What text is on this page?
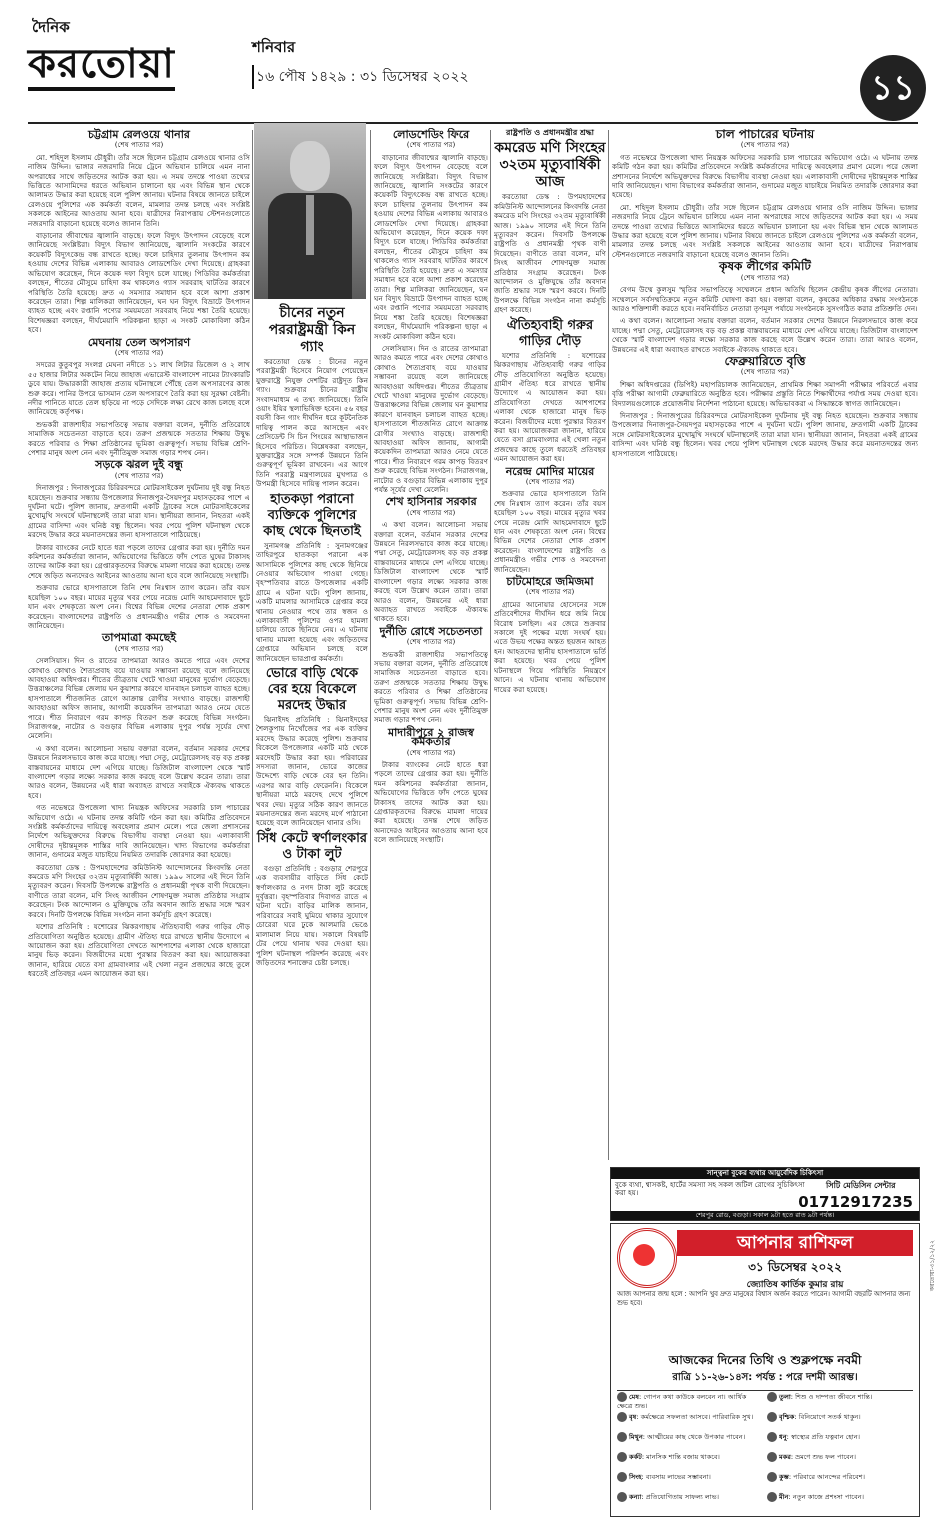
দৈনিক
করতোয়া	শনিবার
১৬ পৌষ ১৪২৯ : ৩১ ডিসেম্বর ২০২২	১১
চট্টগ্রাম রেলওয়ে থানার
(শেষ পাতার পর)

মো. শহিদুল ইসলাম চৌধুরী। তাঁর সঙ্গে ছিলেন চট্টগ্রাম রেলওয়ে থানার ওসি নাজিম উদ্দিন। ভাঙ্গার নজরদারি নিয়ে ট্রেনে অভিযান চালিয়ে এমন নানা অপরাধের সাথে জড়িতদের আটক করা হয়। এ সময় তদন্তে পাওয়া তথ্যের ভিত্তিতে আসামিদের ধরতে অভিযান চালানো হয় এবং বিভিন্ন স্থান থেকে আলামত উদ্ধার করা হয়েছে বলে পুলিশ জানায়। ঘটনার বিষয়ে জানতে চাইলে রেলওয়ে পুলিশের এক কর্মকর্তা বলেন, মামলার তদন্ত চলছে এবং সংশ্লিষ্ট সকলকে আইনের আওতায় আনা হবে। যাত্রীদের নিরাপত্তায় স্টেশনগুলোতে নজরদারি বাড়ানো হয়েছে বলেও জানান তিনি।

বাড়ানোর জীবাশ্মের জ্বালানি বাড়ছে। ফলে বিদ্যুৎ উৎপাদন বেড়েছে বলে জানিয়েছে সংশ্লিষ্টরা। বিদ্যুৎ বিভাগ জানিয়েছে, জ্বালানি সংকটের কারণে কয়েকটি বিদ্যুৎকেন্দ্র বন্ধ রাখতে হচ্ছে। ফলে চাহিদার তুলনায় উৎপাদন কম হওয়ায় দেশের বিভিন্ন এলাকায় আবারও লোডশেডিং দেখা দিয়েছে। গ্রাহকরা অভিযোগ করেছেন, দিনে কয়েক দফা বিদ্যুৎ চলে যাচ্ছে। পিডিবির কর্মকর্তারা বলছেন, শীতের মৌসুমে চাহিদা কম থাকলেও গ্যাস সরবরাহ ঘাটতির কারণে পরিস্থিতি তৈরি হয়েছে। দ্রুত এ সমস্যার সমাধান হবে বলে আশা প্রকাশ করেছেন তারা। শিল্প মালিকরা জানিয়েছেন, ঘন ঘন বিদ্যুৎ বিভ্রাটে উৎপাদন ব্যাহত হচ্ছে এবং রপ্তানি পণ্যের সময়মতো সরবরাহ নিয়ে শঙ্কা তৈরি হয়েছে। বিশেষজ্ঞরা বলছেন, দীর্ঘমেয়াদি পরিকল্পনা ছাড়া এ সংকট মোকাবিলা কঠিন হবে।

মেঘনায় তেল অপসারণ
(শেষ পাতার পর)

সদরের কুতুবপুর সংলগ্ন মেঘনা নদীতে ১১ লাখ লিটার ডিজেল ও ২ লাখ ৫৫ হাজার লিটার অকটেন নিয়ে জাহাজ এভারেস্ট বাংলাদেশ নামের ট্যাংকারটি ডুবে যায়। উদ্ধারকারী জাহাজ প্রত্যয় ঘটনাস্থলে পৌঁছে তেল অপসারণের কাজ শুরু করে। পানির উপরে ভাসমান তেল অপসারণে তৈরি করা হয় সুরক্ষা বেষ্টনী। নদীর পানিতে যাতে তেল ছড়িয়ে না পড়ে সেদিকে লক্ষ্য রেখে কাজ চলছে বলে জানিয়েছে কর্তৃপক্ষ।

শুভকরী রাজশাহীর সভাপতিত্বে সভায় বক্তারা বলেন, দুর্নীতি প্রতিরোধে সামাজিক সচেতনতা বাড়াতে হবে। তরুণ প্রজন্মকে সততার শিক্ষায় উদ্বুদ্ধ করতে পরিবার ও শিক্ষা প্রতিষ্ঠানের ভূমিকা গুরুত্বপূর্ণ। সভায় বিভিন্ন শ্রেণি-পেশার মানুষ অংশ নেন এবং দুর্নীতিমুক্ত সমাজ গড়ার শপথ নেন।

সড়কে ঝরল দুই বন্ধু
(শেষ পাতার পর)

দিনাজপুর : দিনাজপুরের চিরিরবন্দরে মোটরসাইকেল দুর্ঘটনায় দুই বন্ধু নিহত হয়েছেন। শুক্রবার সন্ধ্যায় উপজেলার দিনাজপুর-সৈয়দপুর মহাসড়কের পাশে এ দুর্ঘটনা ঘটে। পুলিশ জানায়, দ্রুতগামী একটি ট্রাকের সঙ্গে মোটরসাইকেলের মুখোমুখি সংঘর্ষে ঘটনাস্থলেই তারা মারা যান। স্থানীয়রা জানান, নিহতরা একই গ্রামের বাসিন্দা এবং ঘনিষ্ঠ বন্ধু ছিলেন। খবর পেয়ে পুলিশ ঘটনাস্থল থেকে মরদেহ উদ্ধার করে ময়নাতদন্তের জন্য হাসপাতালে পাঠিয়েছে।

টাকার ব্যাংকের নেটে হাতে ধরা পড়লে তাদের গ্রেপ্তার করা হয়। দুর্নীতি দমন কমিশনের কর্মকর্তারা জানান, অভিযোগের ভিত্তিতে ফাঁদ পেতে ঘুষের টাকাসহ তাদের আটক করা হয়। গ্রেপ্তারকৃতদের বিরুদ্ধে মামলা দায়ের করা হয়েছে। তদন্ত শেষে জড়িত অন্যদেরও আইনের আওতায় আনা হবে বলে জানিয়েছে সংস্থাটি।

শুক্রবার ভোরে হাসপাতালে তিনি শেষ নিঃশ্বাস ত্যাগ করেন। তাঁর বয়স হয়েছিল ১০০ বছর। মায়ের মৃত্যুর খবর পেয়ে নরেন্দ্র মোদি আহমেদাবাদে ছুটে যান এবং শেষকৃত্যে অংশ নেন। বিশ্বের বিভিন্ন দেশের নেতারা শোক প্রকাশ করেছেন। বাংলাদেশের রাষ্ট্রপতি ও প্রধানমন্ত্রীও গভীর শোক ও সমবেদনা জানিয়েছেন।

তাপমাত্রা কমছেই
(শেষ পাতার পর)

সেলসিয়াস। দিন ও রাতের তাপমাত্রা আরও কমতে পারে এবং দেশের কোথাও কোথাও শৈত্যপ্রবাহ বয়ে যাওয়ার সম্ভাবনা রয়েছে বলে জানিয়েছে আবহাওয়া অধিদপ্তর। শীতের তীব্রতায় খেটে খাওয়া মানুষের দুর্ভোগ বেড়েছে। উত্তরাঞ্চলের বিভিন্ন জেলায় ঘন কুয়াশার কারণে যানবাহন চলাচল ব্যাহত হচ্ছে। হাসপাতালে শীতজনিত রোগে আক্রান্ত রোগীর সংখ্যাও বাড়ছে। রাজশাহী আবহাওয়া অফিস জানায়, আগামী কয়েকদিন তাপমাত্রা আরও নেমে যেতে পারে। শীত নিবারণে গরম কাপড় বিতরণ শুরু করেছে বিভিন্ন সংগঠন। সিরাজগঞ্জ, নাটোর ও বগুড়ার বিভিন্ন এলাকায় দুপুর পর্যন্ত সূর্যের দেখা মেলেনি।

এ কথা বলেন। আলোচনা সভায় বক্তারা বলেন, বর্তমান সরকার দেশের উন্নয়নে নিরলসভাবে কাজ করে যাচ্ছে। পদ্মা সেতু, মেট্রোরেলসহ বড় বড় প্রকল্প বাস্তবায়নের মাধ্যমে দেশ এগিয়ে যাচ্ছে। ডিজিটাল বাংলাদেশ থেকে স্মার্ট বাংলাদেশ গড়ার লক্ষ্যে সরকার কাজ করছে বলে উল্লেখ করেন তারা। তারা আরও বলেন, উন্নয়নের এই ধারা অব্যাহত রাখতে সবাইকে ঐক্যবদ্ধ থাকতে হবে।

গত নভেম্বরে উপজেলা খাদ্য নিয়ন্ত্রক অফিসের সরকারি চাল পাচারের অভিযোগ ওঠে। এ ঘটনায় তদন্ত কমিটি গঠন করা হয়। কমিটির প্রতিবেদনে সংশ্লিষ্ট কর্মকর্তাদের দায়িত্বে অবহেলার প্রমাণ মেলে। পরে জেলা প্রশাসনের নির্দেশে অভিযুক্তদের বিরুদ্ধে বিভাগীয় ব্যবস্থা নেওয়া হয়। এলাকাবাসী দোষীদের দৃষ্টান্তমূলক শাস্তির দাবি জানিয়েছেন। খাদ্য বিভাগের কর্মকর্তারা জানান, গুদামের মজুত যাচাইয়ে নিয়মিত তদারকি জোরদার করা হয়েছে।

করতোয়া ডেস্ক : উপমহাদেশের কমিউনিস্ট আন্দোলনের কিংবদন্তি নেতা কমরেড মণি সিংহের ৩২তম মৃত্যুবার্ষিকী আজ। ১৯৯০ সালের এই দিনে তিনি মৃত্যুবরণ করেন। দিবসটি উপলক্ষে রাষ্ট্রপতি ও প্রধানমন্ত্রী পৃথক বাণী দিয়েছেন। বাণীতে তারা বলেন, মণি সিংহ আজীবন শোষণমুক্ত সমাজ প্রতিষ্ঠার সংগ্রাম করেছেন। টংক আন্দোলন ও মুক্তিযুদ্ধে তাঁর অবদান জাতি শ্রদ্ধার সঙ্গে স্মরণ করবে। দিনটি উপলক্ষে বিভিন্ন সংগঠন নানা কর্মসূচি গ্রহণ করেছে।

যশোর প্রতিনিধি : যশোরের ঝিকরগাছায় ঐতিহ্যবাহী গরুর গাড়ির দৌড় প্রতিযোগিতা অনুষ্ঠিত হয়েছে। গ্রামীণ ঐতিহ্য ধরে রাখতে স্থানীয় উদ্যোগে এ আয়োজন করা হয়। প্রতিযোগিতা দেখতে আশপাশের এলাকা থেকে হাজারো মানুষ ভিড় করেন। বিজয়ীদের মধ্যে পুরস্কার বিতরণ করা হয়। আয়োজকরা জানান, হারিয়ে যেতে বসা গ্রামবাংলার এই খেলা নতুন প্রজন্মের কাছে তুলে ধরতেই প্রতিবছর এমন আয়োজন করা হয়।

চীনের নতুন পররাষ্ট্রমন্ত্রী কিন গ্যাং

করতোয়া ডেস্ক : চীনের নতুন পররাষ্ট্রমন্ত্রী হিসেবে নিয়োগ পেয়েছেন যুক্তরাষ্ট্রে নিযুক্ত দেশটির রাষ্ট্রদূত কিন গ্যাং। শুক্রবার চীনের রাষ্ট্রীয় সংবাদমাধ্যম এ তথ্য জানিয়েছে। তিনি ওয়াং ইয়ির স্থলাভিষিক্ত হবেন। ৫৬ বছর বয়সী কিন গ্যাং দীর্ঘদিন ধরে কূটনৈতিক দায়িত্ব পালন করে আসছেন এবং প্রেসিডেন্ট সি চিন পিংয়ের আস্থাভাজন হিসেবে পরিচিত। বিশ্লেষকরা বলছেন, যুক্তরাষ্ট্রের সঙ্গে সম্পর্ক উন্নয়নে তিনি গুরুত্বপূর্ণ ভূমিকা রাখবেন। এর আগে তিনি পররাষ্ট্র মন্ত্রণালয়ের মুখপাত্র ও উপমন্ত্রী হিসেবে দায়িত্ব পালন করেন।

হাতকড়া পরানো ব্যক্তিকে পুলিশের কাছ থেকে ছিনতাই

সুনামগঞ্জ প্রতিনিধি : সুনামগঞ্জের তাহিরপুরে হাতকড়া পরানো এক আসামিকে পুলিশের কাছ থেকে ছিনিয়ে নেওয়ার অভিযোগ পাওয়া গেছে। বৃহস্পতিবার রাতে উপজেলার একটি গ্রামে এ ঘটনা ঘটে। পুলিশ জানায়, একটি মামলার আসামিকে গ্রেপ্তার করে থানায় নেওয়ার পথে তার স্বজন ও এলাকাবাসী পুলিশের ওপর হামলা চালিয়ে তাকে ছিনিয়ে নেয়। এ ঘটনায় থানায় মামলা হয়েছে এবং জড়িতদের গ্রেপ্তারে অভিযান চলছে বলে জানিয়েছেন ভারপ্রাপ্ত কর্মকর্তা।

ভোরে বাড়ি থেকে বের হয়ে বিকেলে মরদেহ উদ্ধার

ঝিনাইদহ প্রতিনিধি : ঝিনাইদহের শৈলকুপায় নিখোঁজের পর এক ব্যক্তির মরদেহ উদ্ধার করেছে পুলিশ। শুক্রবার বিকেলে উপজেলার একটি মাঠ থেকে মরদেহটি উদ্ধার করা হয়। পরিবারের সদস্যরা জানান, ভোরে কাজের উদ্দেশ্যে বাড়ি থেকে বের হন তিনি। এরপর আর বাড়ি ফেরেননি। বিকেলে স্থানীয়রা মাঠে মরদেহ দেখে পুলিশে খবর দেয়। মৃত্যুর সঠিক কারণ জানতে ময়নাতদন্তের জন্য মরদেহ মর্গে পাঠানো হয়েছে বলে জানিয়েছেন থানার ওসি।

সিঁধ কেটে স্বর্ণালংকার ও টাকা লুট

বগুড়া প্রতিনিধি : বগুড়ার শেরপুরে এক ব্যবসায়ীর বাড়িতে সিঁধ কেটে স্বর্ণালংকার ও নগদ টাকা লুট করেছে দুর্বৃত্তরা। বৃহস্পতিবার দিবাগত রাতে এ ঘটনা ঘটে। বাড়ির মালিক জানান, পরিবারের সবাই ঘুমিয়ে থাকার সুযোগে চোরেরা ঘরে ঢুকে আলমারি ভেঙে মালামাল নিয়ে যায়। সকালে বিষয়টি টের পেয়ে থানায় খবর দেওয়া হয়। পুলিশ ঘটনাস্থল পরিদর্শন করেছে এবং জড়িতদের শনাক্তের চেষ্টা চলছে।

লোডশেডিং ফিরে
(শেষ পাতার পর)

বাড়ানোর জীবাশ্মের জ্বালানি বাড়ছে। ফলে বিদ্যুৎ উৎপাদন বেড়েছে বলে জানিয়েছে সংশ্লিষ্টরা। বিদ্যুৎ বিভাগ জানিয়েছে, জ্বালানি সংকটের কারণে কয়েকটি বিদ্যুৎকেন্দ্র বন্ধ রাখতে হচ্ছে। ফলে চাহিদার তুলনায় উৎপাদন কম হওয়ায় দেশের বিভিন্ন এলাকায় আবারও লোডশেডিং দেখা দিয়েছে। গ্রাহকরা অভিযোগ করেছেন, দিনে কয়েক দফা বিদ্যুৎ চলে যাচ্ছে। পিডিবির কর্মকর্তারা বলছেন, শীতের মৌসুমে চাহিদা কম থাকলেও গ্যাস সরবরাহ ঘাটতির কারণে পরিস্থিতি তৈরি হয়েছে। দ্রুত এ সমস্যার সমাধান হবে বলে আশা প্রকাশ করেছেন তারা। শিল্প মালিকরা জানিয়েছেন, ঘন ঘন বিদ্যুৎ বিভ্রাটে উৎপাদন ব্যাহত হচ্ছে এবং রপ্তানি পণ্যের সময়মতো সরবরাহ নিয়ে শঙ্কা তৈরি হয়েছে। বিশেষজ্ঞরা বলছেন, দীর্ঘমেয়াদি পরিকল্পনা ছাড়া এ সংকট মোকাবিলা কঠিন হবে।

সেলসিয়াস। দিন ও রাতের তাপমাত্রা আরও কমতে পারে এবং দেশের কোথাও কোথাও শৈত্যপ্রবাহ বয়ে যাওয়ার সম্ভাবনা রয়েছে বলে জানিয়েছে আবহাওয়া অধিদপ্তর। শীতের তীব্রতায় খেটে খাওয়া মানুষের দুর্ভোগ বেড়েছে। উত্তরাঞ্চলের বিভিন্ন জেলায় ঘন কুয়াশার কারণে যানবাহন চলাচল ব্যাহত হচ্ছে। হাসপাতালে শীতজনিত রোগে আক্রান্ত রোগীর সংখ্যাও বাড়ছে। রাজশাহী আবহাওয়া অফিস জানায়, আগামী কয়েকদিন তাপমাত্রা আরও নেমে যেতে পারে। শীত নিবারণে গরম কাপড় বিতরণ শুরু করেছে বিভিন্ন সংগঠন। সিরাজগঞ্জ, নাটোর ও বগুড়ার বিভিন্ন এলাকায় দুপুর পর্যন্ত সূর্যের দেখা মেলেনি।

শেখ হাসিনার সরকার
(শেষ পাতার পর)

এ কথা বলেন। আলোচনা সভায় বক্তারা বলেন, বর্তমান সরকার দেশের উন্নয়নে নিরলসভাবে কাজ করে যাচ্ছে। পদ্মা সেতু, মেট্রোরেলসহ বড় বড় প্রকল্প বাস্তবায়নের মাধ্যমে দেশ এগিয়ে যাচ্ছে। ডিজিটাল বাংলাদেশ থেকে স্মার্ট বাংলাদেশ গড়ার লক্ষ্যে সরকার কাজ করছে বলে উল্লেখ করেন তারা। তারা আরও বলেন, উন্নয়নের এই ধারা অব্যাহত রাখতে সবাইকে ঐক্যবদ্ধ থাকতে হবে।

দুর্নীতি রোধে সচেতনতা
(শেষ পাতার পর)

শুভকরী রাজশাহীর সভাপতিত্বে সভায় বক্তারা বলেন, দুর্নীতি প্রতিরোধে সামাজিক সচেতনতা বাড়াতে হবে। তরুণ প্রজন্মকে সততার শিক্ষায় উদ্বুদ্ধ করতে পরিবার ও শিক্ষা প্রতিষ্ঠানের ভূমিকা গুরুত্বপূর্ণ। সভায় বিভিন্ন শ্রেণি-পেশার মানুষ অংশ নেন এবং দুর্নীতিমুক্ত সমাজ গড়ার শপথ নেন।

মাদারীপুরে ২ রাজস্ব কর্মকর্তার
(শেষ পাতার পর)

টাকার ব্যাংকের নেটে হাতে ধরা পড়লে তাদের গ্রেপ্তার করা হয়। দুর্নীতি দমন কমিশনের কর্মকর্তারা জানান, অভিযোগের ভিত্তিতে ফাঁদ পেতে ঘুষের টাকাসহ তাদের আটক করা হয়। গ্রেপ্তারকৃতদের বিরুদ্ধে মামলা দায়ের করা হয়েছে। তদন্ত শেষে জড়িত অন্যদেরও আইনের আওতায় আনা হবে বলে জানিয়েছে সংস্থাটি।

রাষ্ট্রপতি ও প্রধানমন্ত্রীর শ্রদ্ধা
কমরেড মণি সিংহের ৩২তম মৃত্যুবার্ষিকী আজ

করতোয়া ডেস্ক : উপমহাদেশের কমিউনিস্ট আন্দোলনের কিংবদন্তি নেতা কমরেড মণি সিংহের ৩২তম মৃত্যুবার্ষিকী আজ। ১৯৯০ সালের এই দিনে তিনি মৃত্যুবরণ করেন। দিবসটি উপলক্ষে রাষ্ট্রপতি ও প্রধানমন্ত্রী পৃথক বাণী দিয়েছেন। বাণীতে তারা বলেন, মণি সিংহ আজীবন শোষণমুক্ত সমাজ প্রতিষ্ঠার সংগ্রাম করেছেন। টংক আন্দোলন ও মুক্তিযুদ্ধে তাঁর অবদান জাতি শ্রদ্ধার সঙ্গে স্মরণ করবে। দিনটি উপলক্ষে বিভিন্ন সংগঠন নানা কর্মসূচি গ্রহণ করেছে।

ঐতিহ্যবাহী গরুর গাড়ির দৌড়

যশোর প্রতিনিধি : যশোরের ঝিকরগাছায় ঐতিহ্যবাহী গরুর গাড়ির দৌড় প্রতিযোগিতা অনুষ্ঠিত হয়েছে। গ্রামীণ ঐতিহ্য ধরে রাখতে স্থানীয় উদ্যোগে এ আয়োজন করা হয়। প্রতিযোগিতা দেখতে আশপাশের এলাকা থেকে হাজারো মানুষ ভিড় করেন। বিজয়ীদের মধ্যে পুরস্কার বিতরণ করা হয়। আয়োজকরা জানান, হারিয়ে যেতে বসা গ্রামবাংলার এই খেলা নতুন প্রজন্মের কাছে তুলে ধরতেই প্রতিবছর এমন আয়োজন করা হয়।

নরেন্দ্র মোদির মায়ের
(শেষ পাতার পর)

শুক্রবার ভোরে হাসপাতালে তিনি শেষ নিঃশ্বাস ত্যাগ করেন। তাঁর বয়স হয়েছিল ১০০ বছর। মায়ের মৃত্যুর খবর পেয়ে নরেন্দ্র মোদি আহমেদাবাদে ছুটে যান এবং শেষকৃত্যে অংশ নেন। বিশ্বের বিভিন্ন দেশের নেতারা শোক প্রকাশ করেছেন। বাংলাদেশের রাষ্ট্রপতি ও প্রধানমন্ত্রীও গভীর শোক ও সমবেদনা জানিয়েছেন।

চাটমোহরে জমিজমা
(শেষ পাতার পর)

গ্রামের আনোয়ার হোসেনের সঙ্গে প্রতিবেশীদের দীর্ঘদিন ধরে জমি নিয়ে বিরোধ চলছিল। এর জেরে শুক্রবার সকালে দুই পক্ষের মধ্যে সংঘর্ষ হয়। এতে উভয় পক্ষের অন্তত ছয়জন আহত হন। আহতদের স্থানীয় হাসপাতালে ভর্তি করা হয়েছে। খবর পেয়ে পুলিশ ঘটনাস্থলে গিয়ে পরিস্থিতি নিয়ন্ত্রণে আনে। এ ঘটনায় থানায় অভিযোগ দায়ের করা হয়েছে।

চাল পাচারের ঘটনায়
(শেষ পাতার পর)

গত নভেম্বরে উপজেলা খাদ্য নিয়ন্ত্রক অফিসের সরকারি চাল পাচারের অভিযোগ ওঠে। এ ঘটনায় তদন্ত কমিটি গঠন করা হয়। কমিটির প্রতিবেদনে সংশ্লিষ্ট কর্মকর্তাদের দায়িত্বে অবহেলার প্রমাণ মেলে। পরে জেলা প্রশাসনের নির্দেশে অভিযুক্তদের বিরুদ্ধে বিভাগীয় ব্যবস্থা নেওয়া হয়। এলাকাবাসী দোষীদের দৃষ্টান্তমূলক শাস্তির দাবি জানিয়েছেন। খাদ্য বিভাগের কর্মকর্তারা জানান, গুদামের মজুত যাচাইয়ে নিয়মিত তদারকি জোরদার করা হয়েছে।

মো. শহিদুল ইসলাম চৌধুরী। তাঁর সঙ্গে ছিলেন চট্টগ্রাম রেলওয়ে থানার ওসি নাজিম উদ্দিন। ভাঙ্গার নজরদারি নিয়ে ট্রেনে অভিযান চালিয়ে এমন নানা অপরাধের সাথে জড়িতদের আটক করা হয়। এ সময় তদন্তে পাওয়া তথ্যের ভিত্তিতে আসামিদের ধরতে অভিযান চালানো হয় এবং বিভিন্ন স্থান থেকে আলামত উদ্ধার করা হয়েছে বলে পুলিশ জানায়। ঘটনার বিষয়ে জানতে চাইলে রেলওয়ে পুলিশের এক কর্মকর্তা বলেন, মামলার তদন্ত চলছে এবং সংশ্লিষ্ট সকলকে আইনের আওতায় আনা হবে। যাত্রীদের নিরাপত্তায় স্টেশনগুলোতে নজরদারি বাড়ানো হয়েছে বলেও জানান তিনি।

কৃষক লীগের কমিটি
(শেষ পাতার পর)

বেগম উম্মে কুলসুম স্মৃতির সভাপতিত্বে সম্মেলনে প্রধান অতিথি ছিলেন কেন্দ্রীয় কৃষক লীগের নেতারা। সম্মেলনে সর্বসম্মতিক্রমে নতুন কমিটি ঘোষণা করা হয়। বক্তারা বলেন, কৃষকের অধিকার রক্ষায় সংগঠনকে আরও শক্তিশালী করতে হবে। নবনির্বাচিত নেতারা তৃণমূল পর্যায়ে সংগঠনকে সুসংগঠিত করার প্রতিশ্রুতি দেন।

এ কথা বলেন। আলোচনা সভায় বক্তারা বলেন, বর্তমান সরকার দেশের উন্নয়নে নিরলসভাবে কাজ করে যাচ্ছে। পদ্মা সেতু, মেট্রোরেলসহ বড় বড় প্রকল্প বাস্তবায়নের মাধ্যমে দেশ এগিয়ে যাচ্ছে। ডিজিটাল বাংলাদেশ থেকে স্মার্ট বাংলাদেশ গড়ার লক্ষ্যে সরকার কাজ করছে বলে উল্লেখ করেন তারা। তারা আরও বলেন, উন্নয়নের এই ধারা অব্যাহত রাখতে সবাইকে ঐক্যবদ্ধ থাকতে হবে।

ফেব্রুয়ারিতে বৃত্তি
(শেষ পাতার পর)

শিক্ষা অধিদপ্তরের (ডিপিই) মহাপরিচালক জানিয়েছেন, প্রাথমিক শিক্ষা সমাপনী পরীক্ষার পরিবর্তে এবার বৃত্তি পরীক্ষা আগামী ফেব্রুয়ারিতে অনুষ্ঠিত হবে। পরীক্ষার প্রস্তুতি নিতে শিক্ষার্থীদের পর্যাপ্ত সময় দেওয়া হবে। বিদ্যালয়গুলোকে প্রয়োজনীয় নির্দেশনা পাঠানো হয়েছে। অভিভাবকরা এ সিদ্ধান্তকে স্বাগত জানিয়েছেন।

দিনাজপুর : দিনাজপুরের চিরিরবন্দরে মোটরসাইকেল দুর্ঘটনায় দুই বন্ধু নিহত হয়েছেন। শুক্রবার সন্ধ্যায় উপজেলার দিনাজপুর-সৈয়দপুর মহাসড়কের পাশে এ দুর্ঘটনা ঘটে। পুলিশ জানায়, দ্রুতগামী একটি ট্রাকের সঙ্গে মোটরসাইকেলের মুখোমুখি সংঘর্ষে ঘটনাস্থলেই তারা মারা যান। স্থানীয়রা জানান, নিহতরা একই গ্রামের বাসিন্দা এবং ঘনিষ্ঠ বন্ধু ছিলেন। খবর পেয়ে পুলিশ ঘটনাস্থল থেকে মরদেহ উদ্ধার করে ময়নাতদন্তের জন্য হাসপাতালে পাঠিয়েছে।

সান্ত্বনা বুকের ব্যথার আয়ুর্বেদিক চিকিৎসা
বুকে ব্যথা, শ্বাসকষ্ট, হার্টের সমস্যা সহ সকল জটিল রোগের সুচিকিৎসা করা হয়।
সিটি মেডিসিন সেন্টার
01712917235
শেরপুর রোড, বগুড়া। সকাল ৯টা হতে রাত ৯টা পর্যন্ত।
আপনার রাশিফল
৩১ ডিসেম্বর ২০২২
জ্যোতিষ কার্তিক কুমার রায়
আজ আপনার জন্ম হলে : আপনি খুব দ্রুত মানুষের বিশ্বাস অর্জন করতে পারেন। আগামী বছরটি আপনার জন্য শুভ হবে।
আজকের দিনের তিথি ও শুক্লপক্ষে নবমী
রাত্রি ১১-২৬-১৪স: পর্যন্ত : পরে দশমী আরম্ভ।
মেষ: গোপন কথা কাউকে বলবেন না। আর্থিক ক্ষেত্রে শুভ।
বৃষ: কর্মক্ষেত্রে সফলতা আসবে। পারিবারিক সুখ।
মিথুন: আত্মীয়ের কাছ থেকে উপকার পাবেন।
কর্কট: মানসিক শান্তি বজায় থাকবে।
সিংহ: ব্যবসায় লাভের সম্ভাবনা।
কন্যা: প্রতিযোগিতায় সাফল্য লাভ।
তুলা: শিশু ও দাম্পত্য জীবনে শান্তি।
বৃশ্চিক: বিনিয়োগে সতর্ক থাকুন।
ধনু: স্বাস্থ্যের প্রতি যত্নবান হোন।
মকর: ভ্রমণে শুভ ফল পাবেন।
কুম্ভ: পরিবারে আনন্দের পরিবেশ।
মীন: নতুন কাজে প্রশংসা পাবেন।
করতোয়া-৩১/১২/২২
